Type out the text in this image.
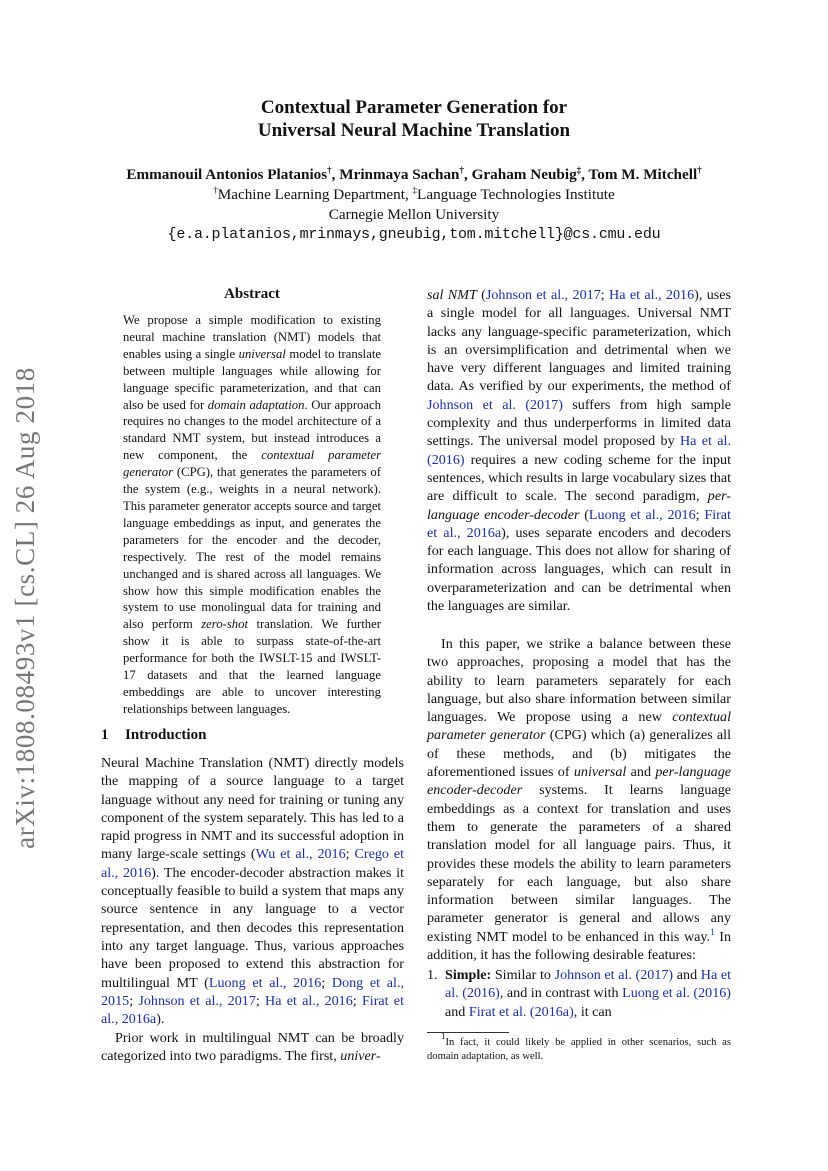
arXiv:1808.08493v1 [cs.CL] 26 Aug 2018
Contextual Parameter Generation for
Universal Neural Machine Translation
Emmanouil Antonios Platanios†, Mrinmaya Sachan†, Graham Neubig‡, Tom M. Mitchell†
†Machine Learning Department, ‡Language Technologies Institute
Carnegie Mellon University
{e.a.platanios,mrinmays,gneubig,tom.mitchell}@cs.cmu.edu
Abstract

We propose a simple modification to existing neural machine translation (NMT) models that enables using a single universal model to translate between multiple languages while allowing for language specific parameterization, and that can also be used for domain adaptation. Our approach requires no changes to the model architecture of a standard NMT system, but instead introduces a new component, the contextual parameter generator (CPG), that generates the parameters of the system (e.g., weights in a neural network). This parameter generator accepts source and target language embeddings as input, and generates the parameters for the encoder and the decoder, respectively. The rest of the model remains unchanged and is shared across all languages. We show how this simple modification enables the system to use monolingual data for training and also perform zero-shot translation. We further show it is able to surpass state-of-the-art performance for both the IWSLT-15 and IWSLT-17 datasets and that the learned language embeddings are able to uncover interesting relationships between languages.

1 Introduction

Neural Machine Translation (NMT) directly models the mapping of a source language to a target language without any need for training or tuning any component of the system separately. This has led to a rapid progress in NMT and its successful adoption in many large-scale settings (Wu et al., 2016; Crego et al., 2016). The encoder-decoder abstraction makes it conceptually feasible to build a system that maps any source sentence in any language to a vector representation, and then decodes this representation into any target language. Thus, various approaches have been proposed to extend this abstraction for multilingual MT (Luong et al., 2016; Dong et al., 2015; Johnson et al., 2017; Ha et al., 2016; Firat et al., 2016a).

Prior work in multilingual NMT can be broadly categorized into two paradigms. The first, univer-

sal NMT (Johnson et al., 2017; Ha et al., 2016), uses a single model for all languages. Universal NMT lacks any language-specific parameterization, which is an oversimplification and detrimental when we have very different languages and limited training data. As verified by our experiments, the method of Johnson et al. (2017) suffers from high sample complexity and thus underperforms in limited data settings. The universal model proposed by Ha et al. (2016) requires a new coding scheme for the input sentences, which results in large vocabulary sizes that are difficult to scale. The second paradigm, per-language encoder-decoder (Luong et al., 2016; Firat et al., 2016a), uses separate encoders and decoders for each language. This does not allow for sharing of information across languages, which can result in overparameterization and can be detrimental when the languages are similar.

In this paper, we strike a balance between these two approaches, proposing a model that has the ability to learn parameters separately for each language, but also share information between similar languages. We propose using a new contextual parameter generator (CPG) which (a) generalizes all of these methods, and (b) mitigates the aforementioned issues of universal and per-language encoder-decoder systems. It learns language embeddings as a context for translation and uses them to generate the parameters of a shared translation model for all language pairs. Thus, it provides these models the ability to learn parameters separately for each language, but also share information between similar languages. The parameter generator is general and allows any existing NMT model to be enhanced in this way.$^1$ In addition, it has the following desirable features:

1. Simple: Similar to Johnson et al. (2017) and Ha et al. (2016), and in contrast with Luong et al. (2016) and Firat et al. (2016a), it can

$^1$In fact, it could likely be applied in other scenarios, such as domain adaptation, as well.
